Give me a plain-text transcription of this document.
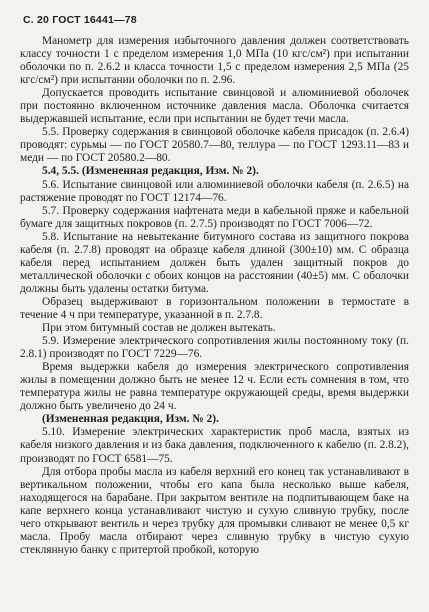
С. 20 ГОСТ 16441—78

Манометр для измерения избыточного давления должен соответствовать классу точности 1 с пределом измерения 1,0 МПа (10 кгс/см²) при испытании оболочки по п. 2.6.2 и класса точности 1,5 с пределом измерения 2,5 МПа (25 кгс/см²) при испытании оболочки по п. 2.96.

Допускается проводить испытание свинцовой и алюминиевой оболочек при постоянно включенном источнике давления масла. Оболочка считается выдержавшей испытание, если при испытании не будет течи масла.

5.5. Проверку содержания в свинцовой оболочке кабеля присадок (п. 2.6.4) проводят: сурьмы — по ГОСТ 20580.7—80, теллура — по ГОСТ 1293.11—83 и меди — по ГОСТ 20580.2—80.

5.4, 5.5. (Измененная редакция, Изм. № 2).

5.6. Испытание свинцовой или алюминиевой оболочки кабеля (п. 2.6.5) на растяжение проводят по ГОСТ 12174—76.

5.7. Проверку содержания нафтената меди в кабельной пряже и кабельной бумаге для защитных покровов (п. 2.7.5) производят по ГОСТ 7006—72.

5.8. Испытание на невытекание битумного состава из защитного покрова кабеля (п. 2.7.8) проводят на образце кабеля длиной (300±10) мм. С образца кабеля перед испытанием должен быть удален защитный покров до металлической оболочки с обоих концов на расстоянии (40±5) мм. С оболочки должны быть удалены остатки битума.

Образец выдерживают в горизонтальном положении в термостате в течение 4 ч при температуре, указанной в п. 2.7.8.

При этом битумный состав не должен вытекать.

5.9. Измерение электрического сопротивления жилы постоянному току (п. 2.8.1) производят по ГОСТ 7229—76.

Время выдержки кабеля до измерения электрического сопротивления жилы в помещении должно быть не менее 12 ч. Если есть сомнения в том, что температура жилы не равна температуре окружающей среды, время выдержки должно быть увеличено до 24 ч.

(Измененная редакция, Изм. № 2).

5.10. Измерение электрических характеристик проб масла, взятых из кабеля низкого давления и из бака давления, подключенного к кабелю (п. 2.8.2), производят по ГОСТ 6581—75.

Для отбора пробы масла из кабеля верхний его конец так устанавливают в вертикальном положении, чтобы его капа была несколько выше кабеля, находящегося на барабане. При закрытом вентиле на подпитывающем баке на капе верхнего конца устанавливают чистую и сухую сливную трубку, после чего открывают вентиль и через трубку для промывки сливают не менее 0,5 кг масла. Пробу масла отбирают через сливную трубку в чистую сухую стеклянную банку с притертой пробкой, которую
